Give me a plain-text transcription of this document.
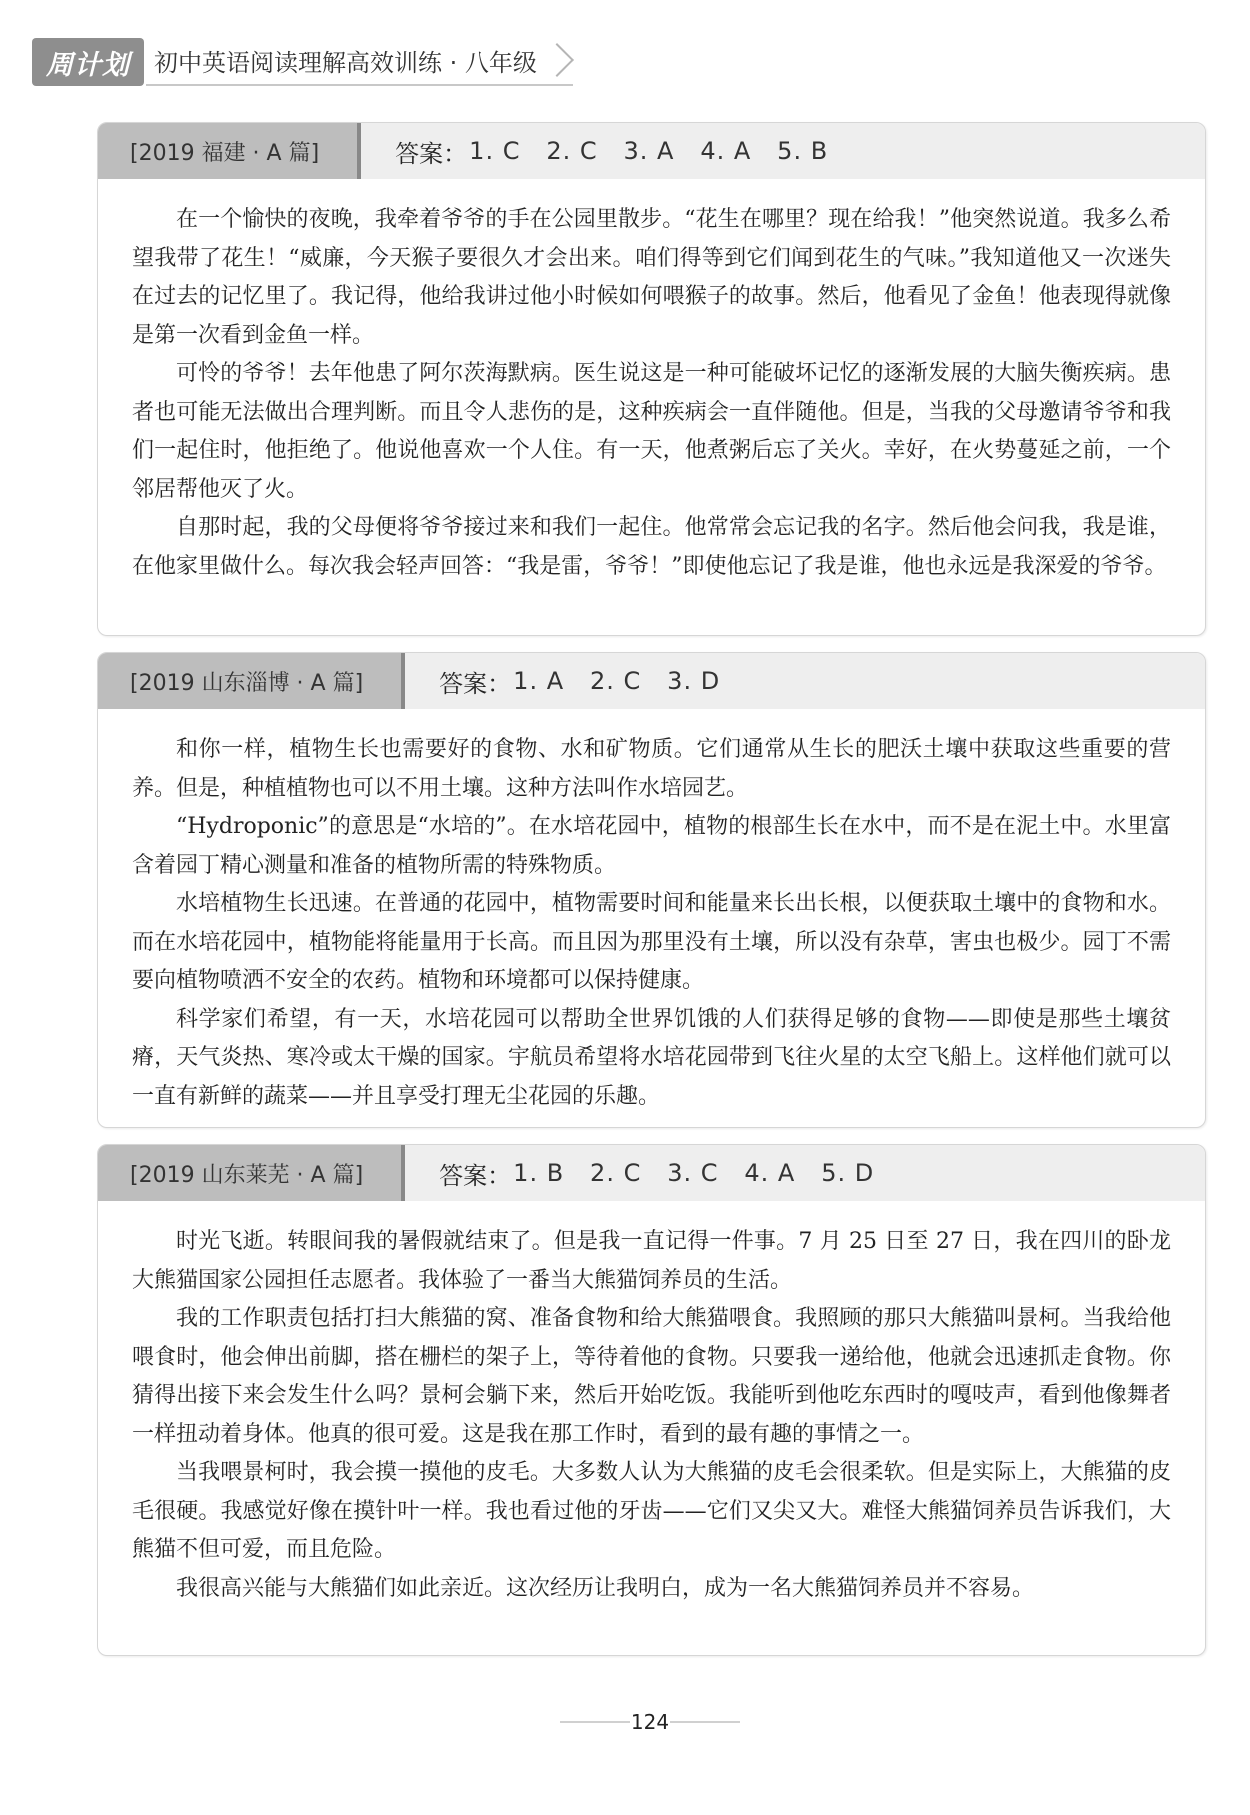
周计划	初中英语阅读理解高效训练 · 八年级
[2019 福建 · A 篇]	答案： 1. C   2. C   3. A   4. A   5. B

在一个愉快的夜晚，我牵着爷爷的手在公园里散步。“花生在哪里？现在给我！”他突然说道。我多么希望我带了花生！“威廉，今天猴子要很久才会出来。咱们得等到它们闻到花生的气味。”我知道他又一次迷失在过去的记忆里了。我记得，他给我讲过他小时候如何喂猴子的故事。然后，他看见了金鱼！他表现得就像是第一次看到金鱼一样。

可怜的爷爷！去年他患了阿尔茨海默病。医生说这是一种可能破坏记忆的逐渐发展的大脑失衡疾病。患者也可能无法做出合理判断。而且令人悲伤的是，这种疾病会一直伴随他。但是，当我的父母邀请爷爷和我们一起住时，他拒绝了。他说他喜欢一个人住。有一天，他煮粥后忘了关火。幸好，在火势蔓延之前，一个邻居帮他灭了火。

自那时起，我的父母便将爷爷接过来和我们一起住。他常常会忘记我的名字。然后他会问我，我是谁，在他家里做什么。每次我会轻声回答：“我是雷，爷爷！”即使他忘记了我是谁，他也永远是我深爱的爷爷。

[2019 山东淄博 · A 篇]	答案： 1. A   2. C   3. D

和你一样，植物生长也需要好的食物、水和矿物质。它们通常从生长的肥沃土壤中获取这些重要的营养。但是，种植植物也可以不用土壤。这种方法叫作水培园艺。

“Hydroponic”的意思是“水培的”。在水培花园中，植物的根部生长在水中，而不是在泥土中。水里富含着园丁精心测量和准备的植物所需的特殊物质。

水培植物生长迅速。在普通的花园中，植物需要时间和能量来长出长根，以便获取土壤中的食物和水。而在水培花园中，植物能将能量用于长高。而且因为那里没有土壤，所以没有杂草，害虫也极少。园丁不需要向植物喷洒不安全的农药。植物和环境都可以保持健康。

科学家们希望，有一天，水培花园可以帮助全世界饥饿的人们获得足够的食物——即使是那些土壤贫瘠，天气炎热、寒冷或太干燥的国家。宇航员希望将水培花园带到飞往火星的太空飞船上。这样他们就可以一直有新鲜的蔬菜——并且享受打理无尘花园的乐趣。

[2019 山东莱芜 · A 篇]	答案： 1. B   2. C   3. C   4. A   5. D

时光飞逝。转眼间我的暑假就结束了。但是我一直记得一件事。7 月 25 日至 27 日，我在四川的卧龙大熊猫国家公园担任志愿者。我体验了一番当大熊猫饲养员的生活。

我的工作职责包括打扫大熊猫的窝、准备食物和给大熊猫喂食。我照顾的那只大熊猫叫景柯。当我给他喂食时，他会伸出前脚，搭在栅栏的架子上，等待着他的食物。只要我一递给他，他就会迅速抓走食物。你猜得出接下来会发生什么吗？景柯会躺下来，然后开始吃饭。我能听到他吃东西时的嘎吱声，看到他像舞者一样扭动着身体。他真的很可爱。这是我在那工作时，看到的最有趣的事情之一。

当我喂景柯时，我会摸一摸他的皮毛。大多数人认为大熊猫的皮毛会很柔软。但是实际上，大熊猫的皮毛很硬。我感觉好像在摸针叶一样。我也看过他的牙齿——它们又尖又大。难怪大熊猫饲养员告诉我们，大熊猫不但可爱，而且危险。

我很高兴能与大熊猫们如此亲近。这次经历让我明白，成为一名大熊猫饲养员并不容易。

124
